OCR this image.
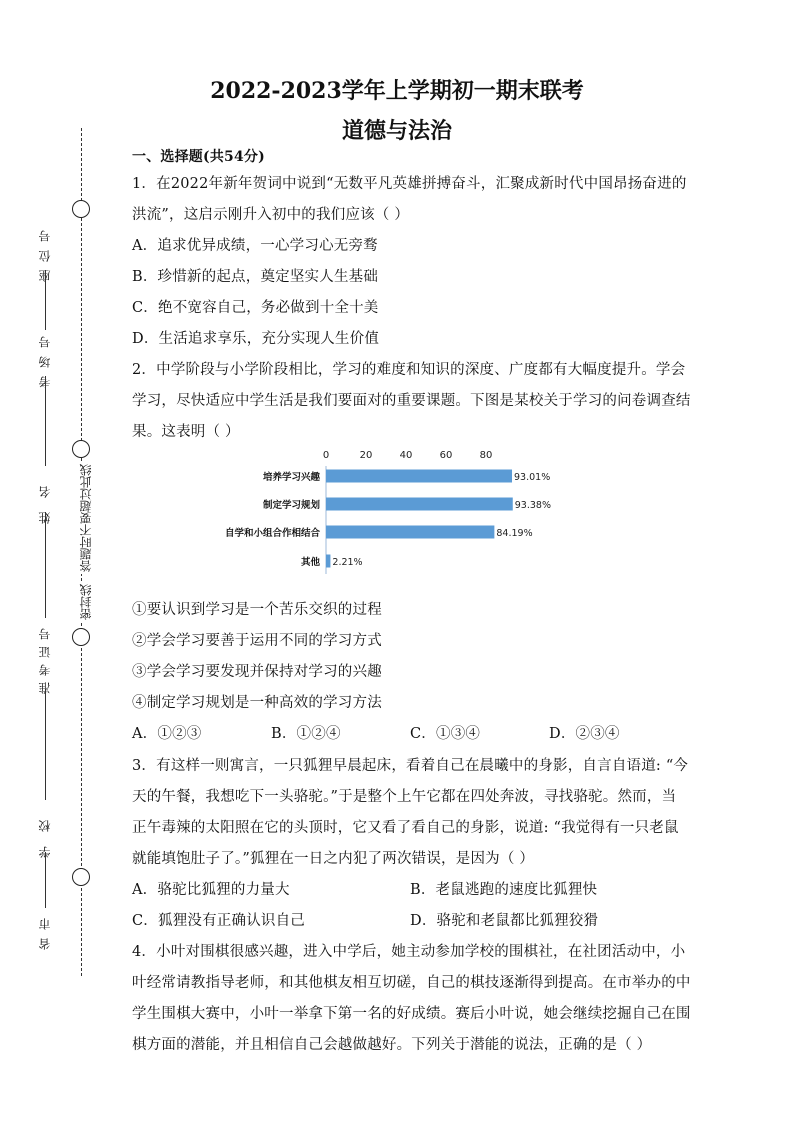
座位号
考场号
姓名
准考证号
学校
省市
答题时不要超过此线
密封线
2022-2023学年上学期初一期末联考
道德与法治
一、选择题(共54分)
1．在2022年新年贺词中说到“无数平凡英雄拼搏奋斗，汇聚成新时代中国昂扬奋进的
洪流”，这启示刚升入初中的我们应该（ ）
A．追求优异成绩，一心学习心无旁骛
B．珍惜新的起点，奠定坚实人生基础
C．绝不宽容自己，务必做到十全十美
D．生活追求享乐，充分实现人生价值
2．中学阶段与小学阶段相比，学习的难度和知识的深度、广度都有大幅度提升。学会
学习，尽快适应中学生活是我们要面对的重要课题。下图是某校关于学习的问卷调查结
果。这表明（ ）
0	20	40	60	80
培养学习兴趣	93.01%
制定学习规划	93.38%
自学和小组合作相结合	84.19%
其他 2.21%
①要认识到学习是一个苦乐交织的过程
②学会学习要善于运用不同的学习方式
③学会学习要发现并保持对学习的兴趣
④制定学习规划是一种高效的学习方法
A．①②③	B．①②④	C．①③④	D．②③④
3．有这样一则寓言，一只狐狸早晨起床，看着自己在晨曦中的身影，自言自语道: “今
天的午餐，我想吃下一头骆驼。”于是整个上午它都在四处奔波，寻找骆驼。然而，当
正午毒辣的太阳照在它的头顶时，它又看了看自己的身影，说道: “我觉得有一只老鼠
就能填饱肚子了。”狐狸在一日之内犯了两次错误，是因为（ ）
A．骆驼比狐狸的力量大	B．老鼠逃跑的速度比狐狸快
C．狐狸没有正确认识自己	D．骆驼和老鼠都比狐狸狡猾
4．小叶对围棋很感兴趣，进入中学后，她主动参加学校的围棋社，在社团活动中，小
叶经常请教指导老师，和其他棋友相互切磋，自己的棋技逐渐得到提高。在市举办的中
学生围棋大赛中，小叶一举拿下第一名的好成绩。赛后小叶说，她会继续挖掘自己在围
棋方面的潜能，并且相信自己会越做越好。下列关于潜能的说法，正确的是（ ）
